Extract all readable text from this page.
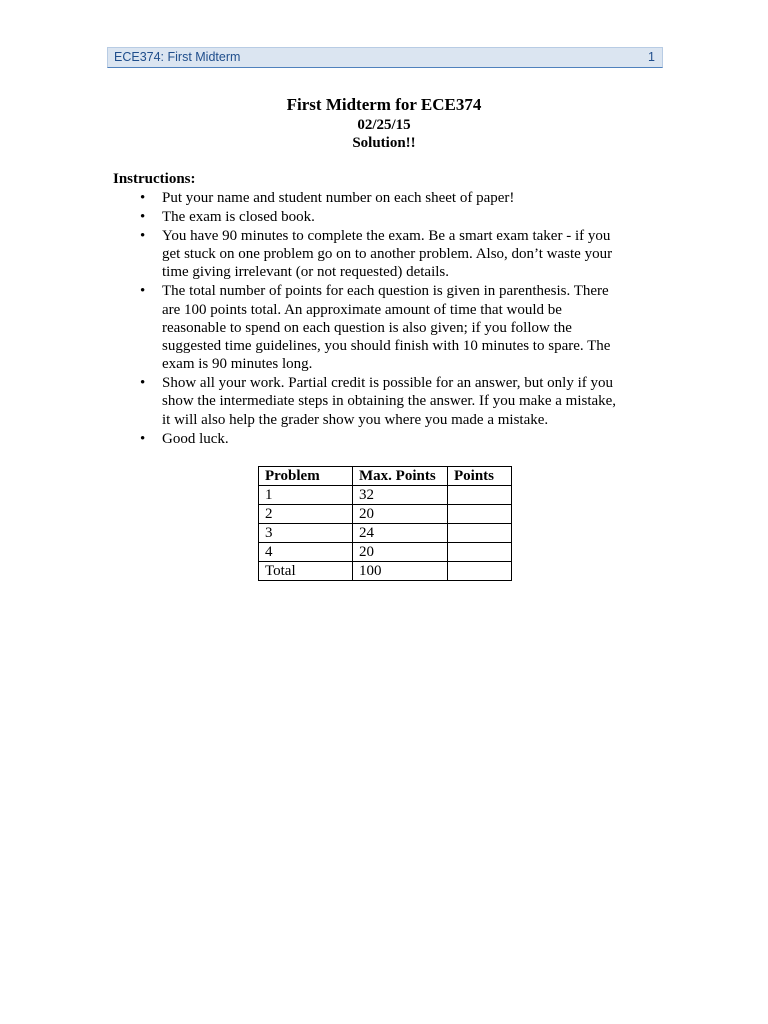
ECE374: First Midterm	1
First Midterm for ECE374
02/25/15
Solution!!
Instructions:
• Put your name and student number on each sheet of paper!
• The exam is closed book.
• You have 90 minutes to complete the exam. Be a smart exam taker - if you
get stuck on one problem go on to another problem. Also, don’t waste your
time giving irrelevant (or not requested) details.
• The total number of points for each question is given in parenthesis. There
are 100 points total. An approximate amount of time that would be
reasonable to spend on each question is also given; if you follow the
suggested time guidelines, you should finish with 10 minutes to spare. The
exam is 90 minutes long.
• Show all your work. Partial credit is possible for an answer, but only if you
show the intermediate steps in obtaining the answer. If you make a mistake,
it will also help the grader show you where you made a mistake.
• Good luck.
Problem	Max. Points	Points
1	32	
2	20	
3	24	
4	20	
Total	100	
